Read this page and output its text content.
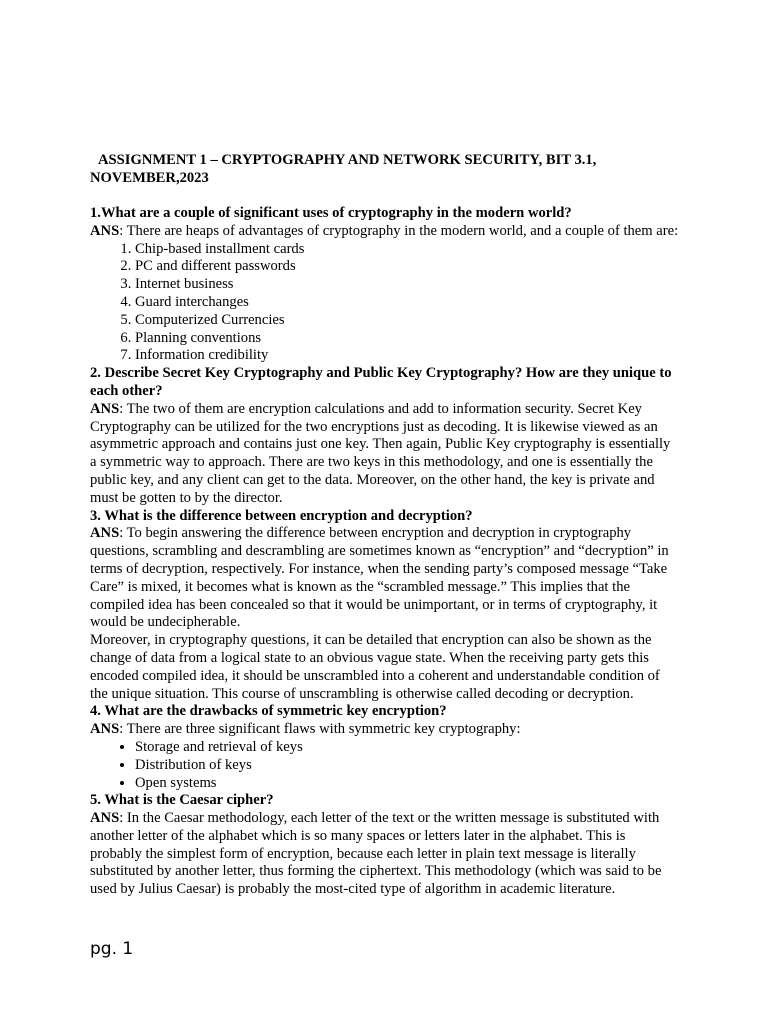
ASSIGNMENT 1 – CRYPTOGRAPHY AND NETWORK SECURITY, BIT 3.1,
NOVEMBER,2023

1.What are a couple of significant uses of cryptography in the modern world?

ANS: There are heaps of advantages of cryptography in the modern world, and a couple of them are:

1. Chip-based installment cards
2. PC and different passwords
3. Internet business
4. Guard interchanges
5. Computerized Currencies
6. Planning conventions
7. Information credibility

2. Describe Secret Key Cryptography and Public Key Cryptography? How are they unique to each other?

ANS: The two of them are encryption calculations and add to information security. Secret Key Cryptography can be utilized for the two encryptions just as decoding. It is likewise viewed as an asymmetric approach and contains just one key. Then again, Public Key cryptography is essentially a symmetric way to approach. There are two keys in this methodology, and one is essentially the public key, and any client can get to the data. Moreover, on the other hand, the key is private and must be gotten to by the director.

3. What is the difference between encryption and decryption?

ANS: To begin answering the difference between encryption and decryption in cryptography questions, scrambling and descrambling are sometimes known as “encryption” and “decryption” in terms of decryption, respectively. For instance, when the sending party’s composed message “Take Care” is mixed, it becomes what is known as the “scrambled message.” This implies that the compiled idea has been concealed so that it would be unimportant, or in terms of cryptography, it would be undecipherable.

Moreover, in cryptography questions, it can be detailed that encryption can also be shown as the change of data from a logical state to an obvious vague state. When the receiving party gets this encoded compiled idea, it should be unscrambled into a coherent and understandable condition of the unique situation. This course of unscrambling is otherwise called decoding or decryption.

4. What are the drawbacks of symmetric key encryption?

ANS: There are three significant flaws with symmetric key cryptography:

• Storage and retrieval of keys
• Distribution of keys
• Open systems

5. What is the Caesar cipher?

ANS: In the Caesar methodology, each letter of the text or the written message is substituted with another letter of the alphabet which is so many spaces or letters later in the alphabet. This is probably the simplest form of encryption, because each letter in plain text message is literally substituted by another letter, thus forming the ciphertext. This methodology (which was said to be used by Julius Caesar) is probably the most-cited type of algorithm in academic literature.

pg. 1
